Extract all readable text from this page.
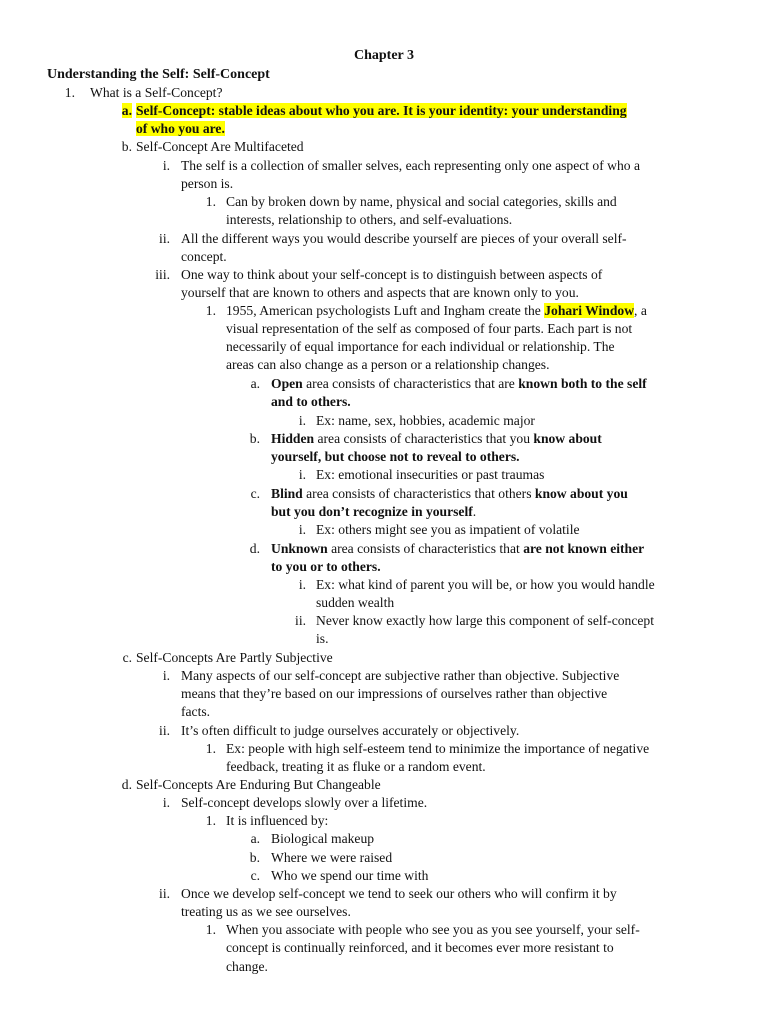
Chapter 3
Understanding the Self: Self-Concept
1. What is a Self-Concept?
a. Self-Concept: stable ideas about who you are. It is your identity: your understanding
of who you are.
b. Self-Concept Are Multifaceted
i. The self is a collection of smaller selves, each representing only one aspect of who a
person is.
1. Can by broken down by name, physical and social categories, skills and
interests, relationship to others, and self-evaluations.
ii. All the different ways you would describe yourself are pieces of your overall self-
concept.
iii. One way to think about your self-concept is to distinguish between aspects of
yourself that are known to others and aspects that are known only to you.
1. 1955, American psychologists Luft and Ingham create the Johari Window, a
visual representation of the self as composed of four parts. Each part is not
necessarily of equal importance for each individual or relationship. The
areas can also change as a person or a relationship changes.
a. Open area consists of characteristics that are known both to the self
and to others.
i. Ex: name, sex, hobbies, academic major
b. Hidden area consists of characteristics that you know about
yourself, but choose not to reveal to others.
i. Ex: emotional insecurities or past traumas
c. Blind area consists of characteristics that others know about you
but you don’t recognize in yourself.
i. Ex: others might see you as impatient of volatile
d. Unknown area consists of characteristics that are not known either
to you or to others.
i. Ex: what kind of parent you will be, or how you would handle
sudden wealth
ii. Never know exactly how large this component of self-concept
is.
c. Self-Concepts Are Partly Subjective
i. Many aspects of our self-concept are subjective rather than objective. Subjective
means that they’re based on our impressions of ourselves rather than objective
facts.
ii. It’s often difficult to judge ourselves accurately or objectively.
1. Ex: people with high self-esteem tend to minimize the importance of negative
feedback, treating it as fluke or a random event.
d. Self-Concepts Are Enduring But Changeable
i. Self-concept develops slowly over a lifetime.
1. It is influenced by:
a. Biological makeup
b. Where we were raised
c. Who we spend our time with
ii. Once we develop self-concept we tend to seek our others who will confirm it by
treating us as we see ourselves.
1. When you associate with people who see you as you see yourself, your self-
concept is continually reinforced, and it becomes ever more resistant to
change.
